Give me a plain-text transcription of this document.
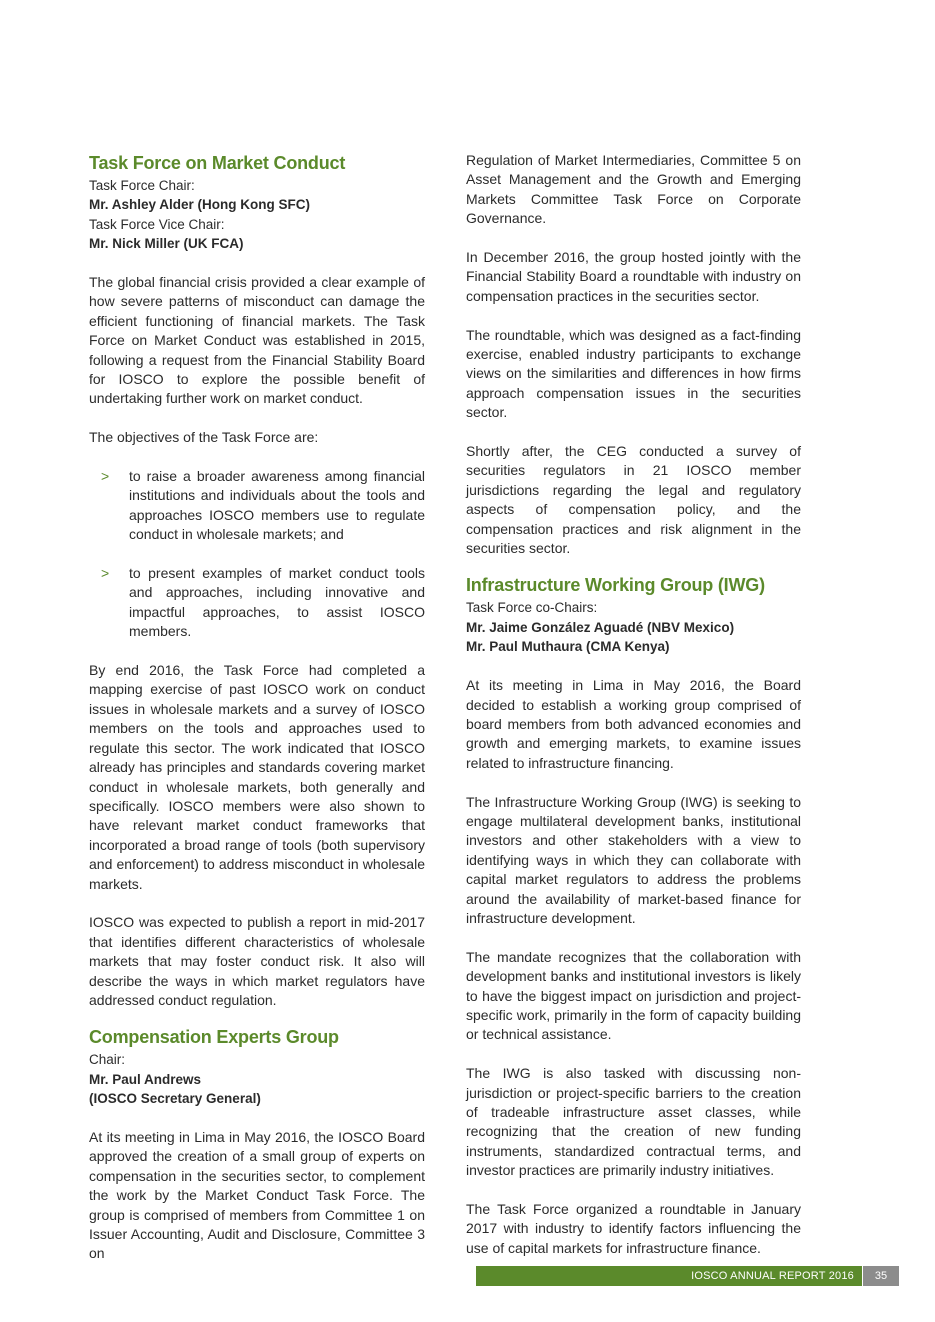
Task Force on Market Conduct

Task Force Chair:

Mr. Ashley Alder (Hong Kong SFC)

Task Force Vice Chair:

Mr. Nick Miller (UK FCA)

The global financial crisis provided a clear example of how severe patterns of misconduct can damage the efficient functioning of financial markets. The Task Force on Market Conduct was established in 2015, following a request from the Financial Stability Board for IOSCO to explore the possible benefit of undertaking further work on market conduct.

The objectives of the Task Force are:

> to raise a broader awareness among financial institutions and individuals about the tools and approaches IOSCO members use to regulate conduct in wholesale markets; and
> to present examples of market conduct tools and approaches, including innovative and impactful approaches, to assist IOSCO members.

By end 2016, the Task Force had completed a mapping exercise of past IOSCO work on conduct issues in wholesale markets and a survey of IOSCO members on the tools and approaches used to regulate this sector. The work indicated that IOSCO already has principles and standards covering market conduct in wholesale markets, both generally and specifically. IOSCO members were also shown to have relevant market conduct frameworks that incorporated a broad range of tools (both supervisory and enforcement) to address misconduct in wholesale markets.

IOSCO was expected to publish a report in mid-2017 that identifies different characteristics of wholesale markets that may foster conduct risk. It also will describe the ways in which market regulators have addressed conduct regulation.

Compensation Experts Group

Chair:

Mr. Paul Andrews

(IOSCO Secretary General)

At its meeting in Lima in May 2016, the IOSCO Board approved the creation of a small group of experts on compensation in the securities sector, to complement the work by the Market Conduct Task Force. The group is comprised of members from Committee 1 on Issuer Accounting, Audit and Disclosure, Committee 3 on

Regulation of Market Intermediaries, Committee 5 on Asset Management and the Growth and Emerging Markets Committee Task Force on Corporate Governance.

In December 2016, the group hosted jointly with the Financial Stability Board a roundtable with industry on compensation practices in the securities sector.

The roundtable, which was designed as a fact-finding exercise, enabled industry participants to exchange views on the similarities and differences in how firms approach compensation issues in the securities sector.

Shortly after, the CEG conducted a survey of securities regulators in 21 IOSCO member jurisdictions regarding the legal and regulatory aspects of compensation policy, and the compensation practices and risk alignment in the securities sector.

Infrastructure Working Group (IWG)

Task Force co-Chairs:

Mr. Jaime González Aguadé (NBV Mexico)

Mr. Paul Muthaura (CMA Kenya)

At its meeting in Lima in May 2016, the Board decided to establish a working group comprised of board members from both advanced economies and growth and emerging markets, to examine issues related to infrastructure financing.

The Infrastructure Working Group (IWG) is seeking to engage multilateral development banks, institutional investors and other stakeholders with a view to identifying ways in which they can collaborate with capital market regulators to address the problems around the availability of market-based finance for infrastructure development.

The mandate recognizes that the collaboration with development banks and institutional investors is likely to have the biggest impact on jurisdiction and project-specific work, primarily in the form of capacity building or technical assistance.

The IWG is also tasked with discussing non-jurisdiction or project-specific barriers to the creation of tradeable infrastructure asset classes, while recognizing that the creation of new funding instruments, standardized contractual terms, and investor practices are primarily industry initiatives.

The Task Force organized a roundtable in January 2017 with industry to identify factors influencing the use of capital markets for infrastructure finance.

IOSCO ANNUAL REPORT 2016	35
